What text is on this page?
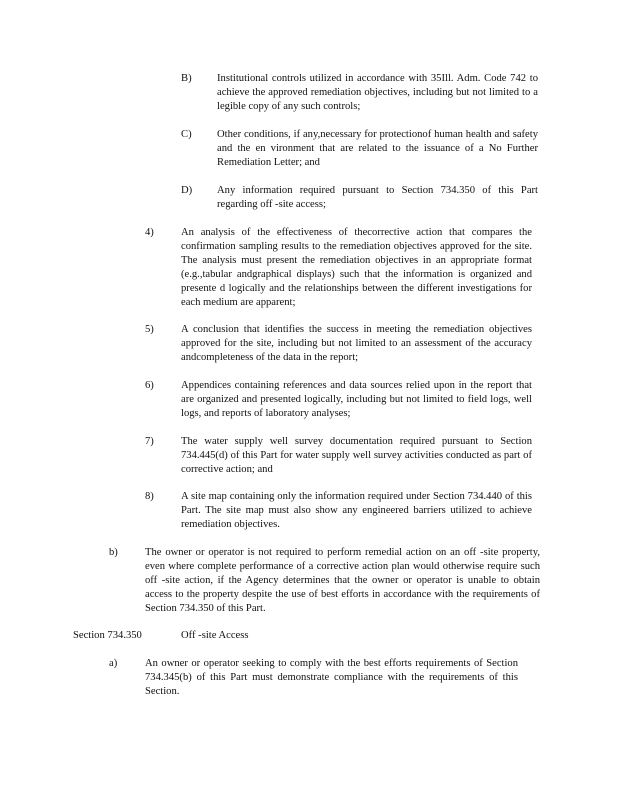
B) Institutional controls utilized in accordance with 35Ill. Adm. Code 742 to achieve the approved remediation objectives, including but not limited to a legible copy of any such controls;
C) Other conditions, if any,necessary for protectionof human health and safety and the en vironment that are related to the issuance of a No Further Remediation Letter; and
D) Any information required pursuant to Section 734.350 of this Part regarding off -site access;
4)	An analysis of the effectiveness of thecorrective action that compares the confirmation sampling results to the remediation objectives approved for the site. The analysis must present the remediation objectives in an appropriate format (e.g.,tabular andgraphical displays) such that the information is organized and presente d logically and the relationships between the different investigations for each medium are apparent;
5)	A conclusion that identifies the success in meeting the remediation objectives approved for the site, including but not limited to an assessment of the accuracy andcompleteness of the data in the report;
6)	Appendices containing references and data sources relied upon in the report that are organized and presented logically, including but not limited to field logs, well logs, and reports of laboratory analyses;
7)	The water supply well survey documentation required pursuant to Section 734.445(d) of this Part for water supply well survey activities conducted as part of corrective action; and
8)	A site map containing only the information required under Section 734.440 of this Part. The site map must also show any engineered barriers utilized to achieve remediation objectives.
b)	The owner or operator is not required to perform remedial action on an off -site property, even where complete performance of a corrective action plan would otherwise require such off -site action, if the Agency determines that the owner or operator is unable to obtain access to the property despite the use of best efforts in accordance with the requirements of Section 734.350 of this Part.
Section 734.350	Off -site Access
a)	An owner or operator seeking to comply with the best efforts requirements of Section 734.345(b) of this Part must demonstrate compliance with the requirements of this Section.
